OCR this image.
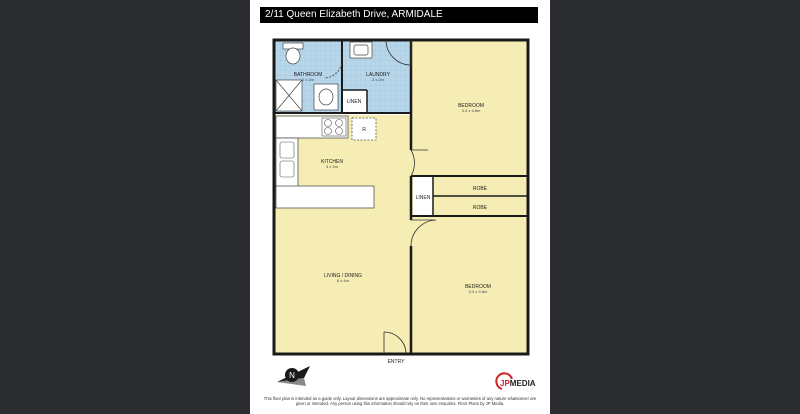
2/11 Queen Elizabeth Drive, ARMIDALE
BATHROOM
2 x 2m
LAUNDRY
2 x 2m
LINEN
BEDROOM
3.3 x 4.8m
R
KITCHEN
4 x 3m
ROBE
LINEN
ROBE
LIVING / DINING
6 x 4m
BEDROOM
3.3 x 4.6m
ENTRY
N
JPMEDIA
This floor plan is intended as a guide only. Layout dimensions are approximate only. No representations or warranties of any nature whatsoever are given or intended. Any person using this information should rely on their own enquiries. Floor Plans by JP Media.
